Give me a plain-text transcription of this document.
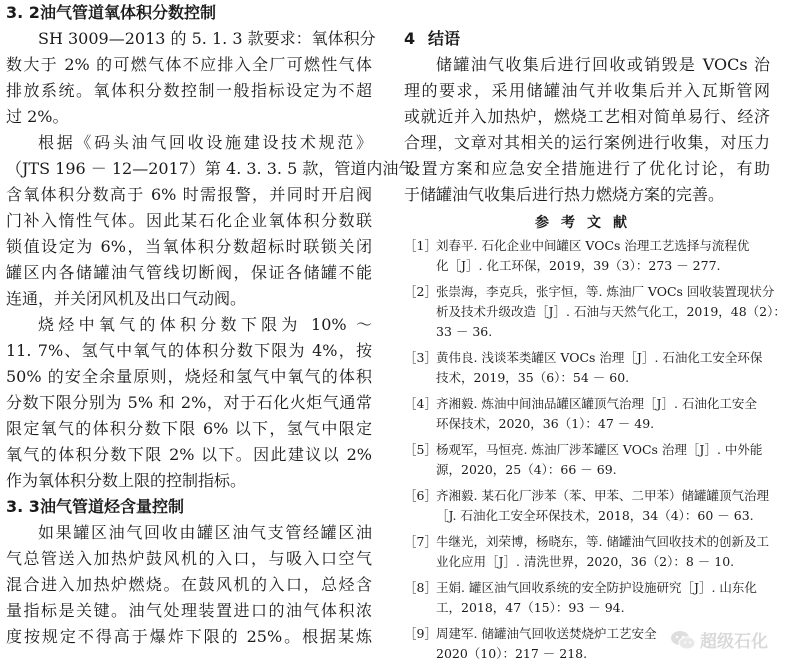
3. 2油气管道氧体积分数控制

SH 3009—2013 的 5. 1. 3 款要求：氧体积分

数大于 2% 的可燃气体不应排入全厂可燃性气体

排放系统。氧体积分数控制一般指标设定为不超

过 2%。

根据《码头油气回收设施建设技术规范》

（JTS 196 － 12—2017）第 4. 3. 3. 5 款，管道内油气

含氧体积分数高于 6% 时需报警，并同时开启阀

门补入惰性气体。因此某石化企业氧体积分数联

锁值设定为 6%，当氧体积分数超标时联锁关闭

罐区内各储罐油气管线切断阀，保证各储罐不能

连通，并关闭风机及出口气动阀。

烧烃中氧气的体积分数下限为 10% ～

11. 7%、氢气中氧气的体积分数下限为 4%，按

50% 的安全余量原则，烧烃和氢气中氧气的体积

分数下限分别为 5% 和 2%，对于石化火炬气通常

限定氧气的体积分数下限 6% 以下，氢气中限定

氧气的体积分数下限 2% 以下。因此建议以 2%

作为氧体积分数上限的控制指标。

3. 3油气管道烃含量控制

如果罐区油气回收由罐区油气支管经罐区油

气总管送入加热炉鼓风机的入口，与吸入口空气

混合进入加热炉燃烧。在鼓风机的入口，总烃含

量指标是关键。油气处理装置进口的油气体积浓

度按规定不得高于爆炸下限的 25%。根据某炼

4 结语

储罐油气收集后进行回收或销毁是 VOCs 治

理的要求，采用储罐油气并收集后并入瓦斯管网

或就近并入加热炉，燃烧工艺相对简单易行、经济

合理，文章对其相关的运行案例进行收集，对压力

设置方案和应急安全措施进行了优化讨论，有助

于储罐油气收集后进行热力燃烧方案的完善。

参考文献

［1］ 刘春平. 石化企业中间罐区 VOCs 治理工艺选择与流程优
化［J］. 化工环保，2019，39（3）：273 － 277.
［2］ 张崇海，李克兵，张宇恒，等. 炼油厂 VOCs 回收装置现状分
析及技术升级改造［J］. 石油与天然气化工，2019，48（2）：
33 － 36.
［3］ 黄伟良. 浅谈苯类罐区 VOCs 治理［J］. 石油化工安全环保
技术，2019，35（6）：54 － 60.
［4］ 齐湘毅. 炼油中间油品罐区罐顶气治理［J］. 石油化工安全
环保技术，2020，36（1）：47 － 49.
［5］ 杨观军，马恒亮. 炼油厂涉苯罐区 VOCs 治理［J］. 中外能
源，2020，25（4）：66 － 69.
［6］ 齐湘毅. 某石化厂涉苯（苯、甲苯、二甲苯）储罐罐顶气治理
［J. 石油化工安全环保技术，2018，34（4）：60 － 63.
［7］ 牛继光，刘荣博，杨晓东，等. 储罐油气回收技术的创新及工
业化应用［J］. 清洗世界，2020，36（2）：8 － 10.
［8］ 王娟. 罐区油气回收系统的安全防护设施研究［J］. 山东化
工，2018，47（15）：93 － 94.
［9］ 周建军. 储罐油气回收送焚烧炉工艺安全
2020（10）：217 － 218.
超级石化
